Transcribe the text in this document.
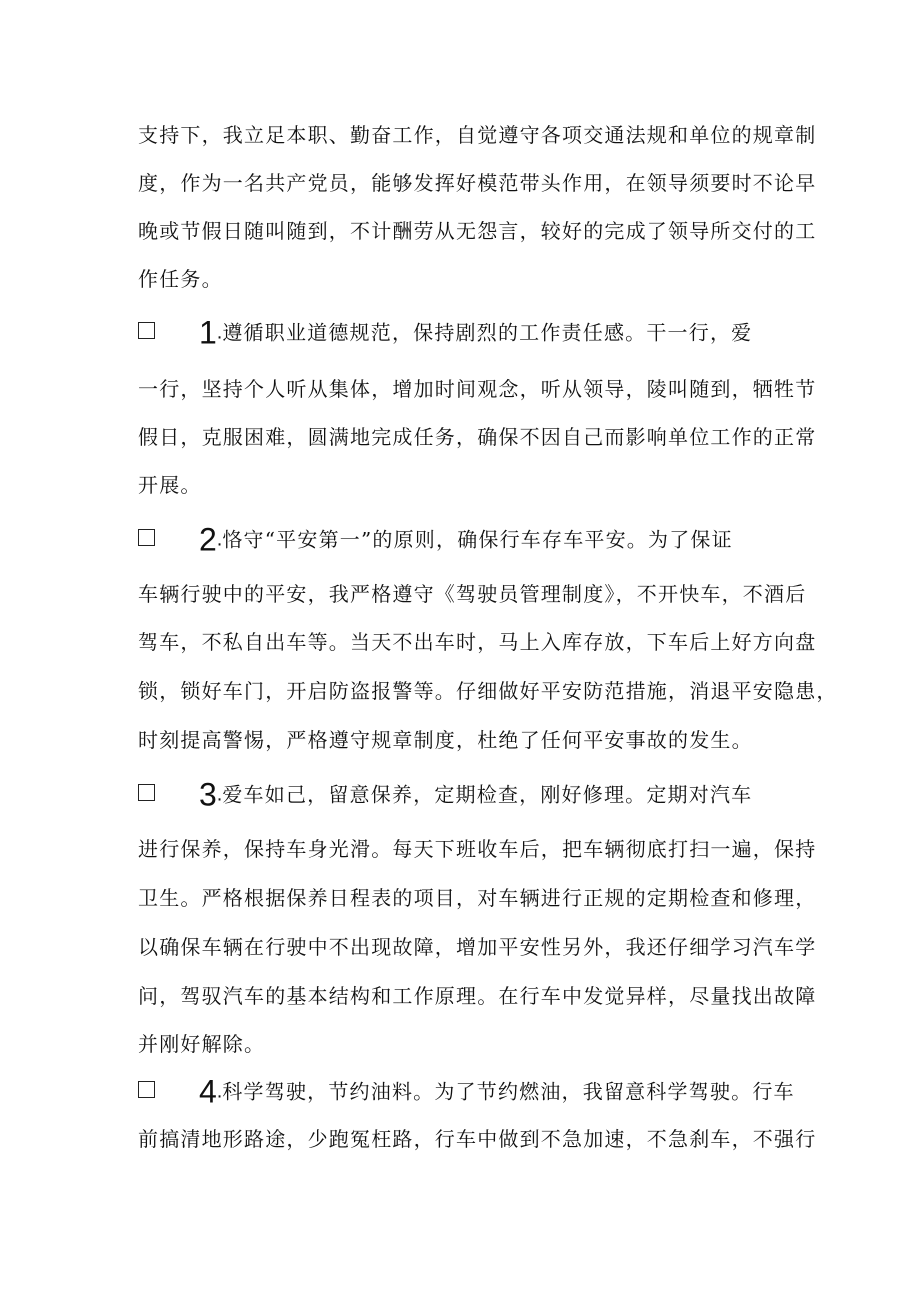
支持下，我立足本职、勤奋工作，自觉遵守各项交通法规和单位的规章制
度，作为一名共产党员，能够发挥好模范带头作用，在领导须要时不论早
晚或节假日随叫随到，不计酬劳从无怨言，较好的完成了领导所交付的工
作任务。
1.遵循职业道德规范，保持剧烈的工作责任感。干一行，爱
一行，坚持个人听从集体，增加时间观念，听从领导，陵叫随到，牺牲节
假日，克服困难，圆满地完成任务，确保不因自己而影响单位工作的正常
开展。
2.恪守“平安第一”的原则，确保行车存车平安。为了保证
车辆行驶中的平安，我严格遵守《驾驶员管理制度》，不开快车，不酒后
驾车，不私自出车等。当天不出车时，马上入库存放，下车后上好方向盘
锁，锁好车门，开启防盗报警等。仔细做好平安防范措施，消退平安隐患，
时刻提高警惕，严格遵守规章制度，杜绝了任何平安事故的发生。
3.爱车如己，留意保养，定期检查，刚好修理。定期对汽车
进行保养，保持车身光滑。每天下班收车后，把车辆彻底打扫一遍，保持
卫生。严格根据保养日程表的项目，对车辆进行正规的定期检查和修理，
以确保车辆在行驶中不出现故障，增加平安性另外，我还仔细学习汽车学
问，驾驭汽车的基本结构和工作原理。在行车中发觉异样，尽量找出故障
并刚好解除。
4.科学驾驶，节约油料。为了节约燃油，我留意科学驾驶。行车
前搞清地形路途，少跑冤枉路，行车中做到不急加速，不急刹车，不强行
